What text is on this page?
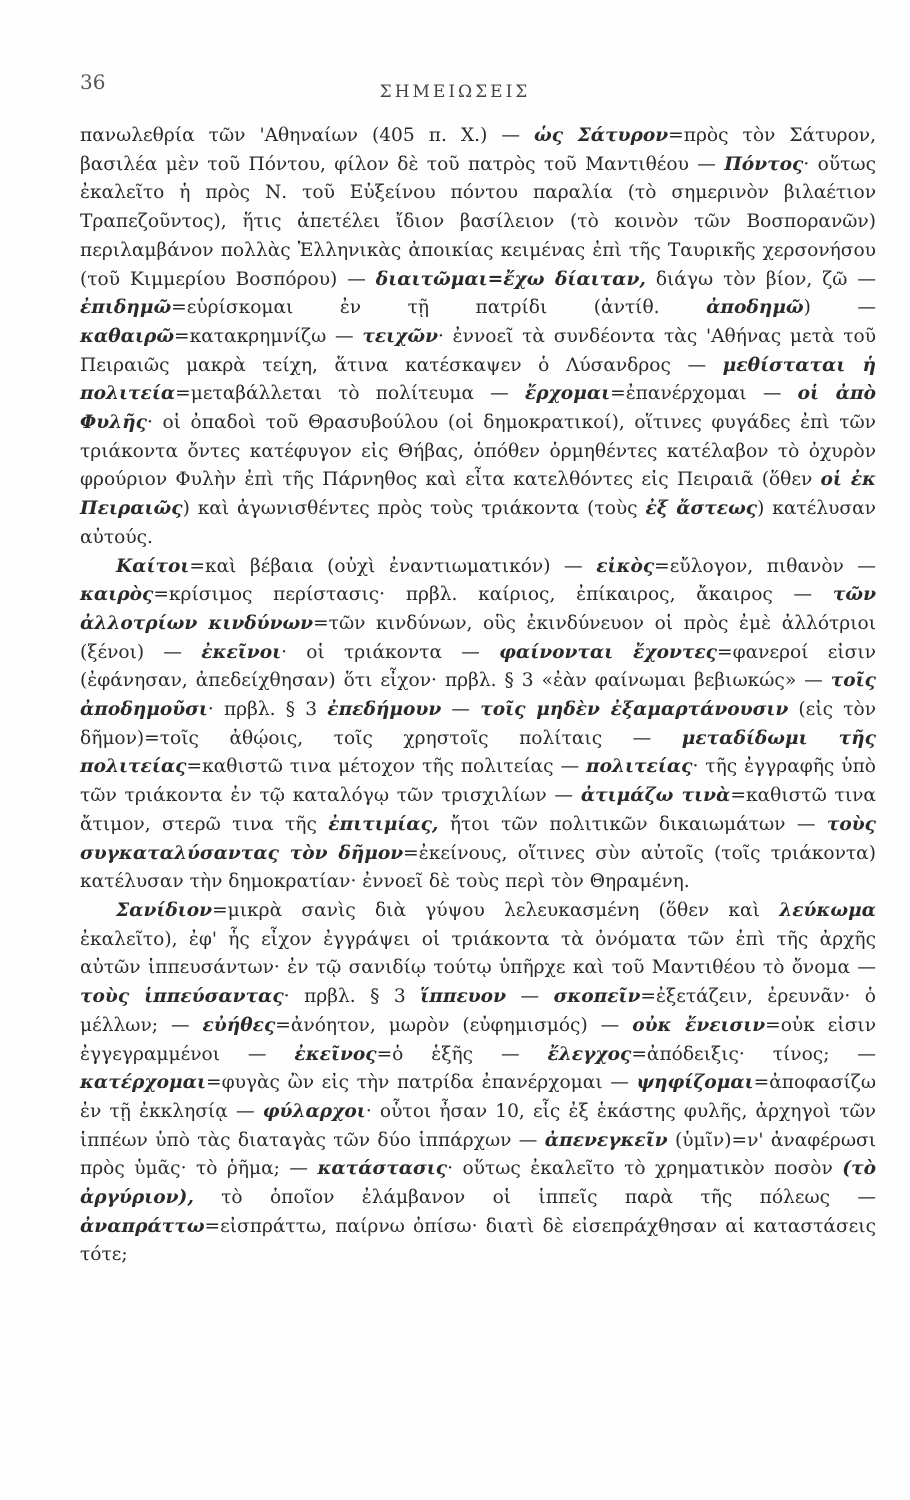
36	ΣΗΜΕΙΩΣΕΙΣ

πανωλεθρία τῶν 'Αθηναίων (405 π. Χ.) — ὡς Σάτυρον=πρὸς τὸν Σάτυρον, βασιλέα μὲν τοῦ Πόντου, φίλον δὲ τοῦ πατρὸς τοῦ Μαντιθέου — Πόντος· οὕτως ἐκαλεῖτο ἡ πρὸς Ν. τοῦ Εὐξείνου πόντου παραλία (τὸ σημερινὸν βιλαέτιον Τραπεζοῦντος), ἥτις ἀπετέλει ἴδιον βασίλειον (τὸ κοινὸν τῶν Βοσπορανῶν) περιλαμβάνον πολλὰς Ἑλληνικὰς ἀποικίας κειμένας ἐπὶ τῆς Ταυρικῆς χερσονήσου (τοῦ Κιμμερίου Βοσπόρου) — διαιτῶμαι=ἔχω δίαιταν, διάγω τὸν βίον, ζῶ — ἐπιδημῶ=εὑρίσκομαι ἐν τῇ πατρίδι (ἀντίθ. ἀποδημῶ) — καθαιρῶ=κατακρημνίζω — τειχῶν· ἐννοεῖ τὰ συνδέοντα τὰς 'Αθήνας μετὰ τοῦ Πειραιῶς μακρὰ τείχη, ἅτινα κατέσκαψεν ὁ Λύσανδρος — μεθίσταται ἡ πολιτεία=μεταβάλλεται τὸ πολίτευμα — ἔρχομαι=ἐπανέρχομαι — οἱ ἀπὸ Φυλῆς· οἱ ὀπαδοὶ τοῦ Θρασυβούλου (οἱ δημοκρατικοί), οἵτινες φυγάδες ἐπὶ τῶν τριάκοντα ὄντες κατέφυγον εἰς Θήβας, ὁπόθεν ὁρμηθέντες κατέλαβον τὸ ὀχυρὸν φρούριον Φυλὴν ἐπὶ τῆς Πάρνηθος καὶ εἶτα κατελθόντες εἰς Πειραιᾶ (ὅθεν οἱ ἐκ Πειραιῶς) καὶ ἀγωνισθέντες πρὸς τοὺς τριάκοντα (τοὺς ἐξ ἄστεως) κατέλυσαν αὐτούς.

Καίτοι=καὶ βέβαια (οὐχὶ ἐναντιωματικόν) — εἰκὸς=εὔλογον, πιθανὸν — καιρὸς=κρίσιμος περίστασις· πρβλ. καίριος, ἐπίκαιρος, ἄκαιρος — τῶν ἀλλοτρίων κινδύνων=τῶν κινδύνων, οὓς ἐκινδύνευον οἱ πρὸς ἐμὲ ἀλλότριοι (ξένοι) — ἐκεῖνοι· οἱ τριάκοντα — φαίνονται ἔχοντες=φανεροί εἰσιν (ἐφάνησαν, ἀπεδείχθησαν) ὅτι εἶχον· πρβλ. § 3 «ἐὰν φαίνωμαι βεβιωκώς» — τοῖς ἀποδημοῦσι· πρβλ. § 3 ἐπεδήμουν — τοῖς μηδὲν ἐξαμαρτάνουσιν (εἰς τὸν δῆμον)=τοῖς ἀθῴοις, τοῖς χρηστοῖς πολίταις — μεταδίδωμι τῆς πολιτείας=καθιστῶ τινα μέτοχον τῆς πολιτείας — πολιτείας· τῆς ἐγγραφῆς ὑπὸ τῶν τριάκοντα ἐν τῷ καταλόγῳ τῶν τρισχιλίων — ἀτιμάζω τινὰ=καθιστῶ τινα ἄτιμον, στερῶ τινα τῆς ἐπιτιμίας, ἤτοι τῶν πολιτικῶν δικαιωμάτων — τοὺς συγκαταλύσαντας τὸν δῆμον=ἐκείνους, οἵτινες σὺν αὐτοῖς (τοῖς τριάκοντα) κατέλυσαν τὴν δημοκρατίαν· ἐννοεῖ δὲ τοὺς περὶ τὸν Θηραμένη.

Σανίδιον=μικρὰ σανὶς διὰ γύψου λελευκασμένη (ὅθεν καὶ λεύκωμα ἐκαλεῖτο), ἐφ' ἧς εἶχον ἐγγράψει οἱ τριάκοντα τὰ ὀνόματα τῶν ἐπὶ τῆς ἀρχῆς αὐτῶν ἱππευσάντων· ἐν τῷ σανιδίῳ τούτῳ ὑπῆρχε καὶ τοῦ Μαντιθέου τὸ ὄνομα — τοὺς ἱππεύσαντας· πρβλ. § 3 ἵππευον — σκοπεῖν=ἐξετάζειν, ἐρευνᾶν· ὁ μέλλων; — εὐήθες=ἀνόητον, μωρὸν (εὐφημισμός) — οὐκ ἔνεισιν=οὐκ εἰσιν ἐγγεγραμμένοι — ἐκεῖνος=ὁ ἑξῆς — ἔλεγχος=ἀπόδειξις· τίνος; — κατέρχομαι=φυγὰς ὢν εἰς τὴν πατρίδα ἐπανέρχομαι — ψηφίζομαι=ἀποφασίζω ἐν τῇ ἐκκλησίᾳ — φύλαρχοι· οὗτοι ἦσαν 10, εἷς ἐξ ἑκάστης φυλῆς, ἀρχηγοὶ τῶν ἱππέων ὑπὸ τὰς διαταγὰς τῶν δύο ἱππάρχων — ἀπενεγκεῖν (ὑμῖν)=ν' ἀναφέρωσι πρὸς ὑμᾶς· τὸ ῥῆμα; — κατάστασις· οὕτως ἐκαλεῖτο τὸ χρηματικὸν ποσὸν (τὸ ἀργύριον), τὸ ὁποῖον ἐλάμβανον οἱ ἱππεῖς παρὰ τῆς πόλεως — ἀναπράττω=εἰσπράττω, παίρνω ὀπίσω· διατὶ δὲ εἰσεπράχθησαν αἱ καταστάσεις τότε;
